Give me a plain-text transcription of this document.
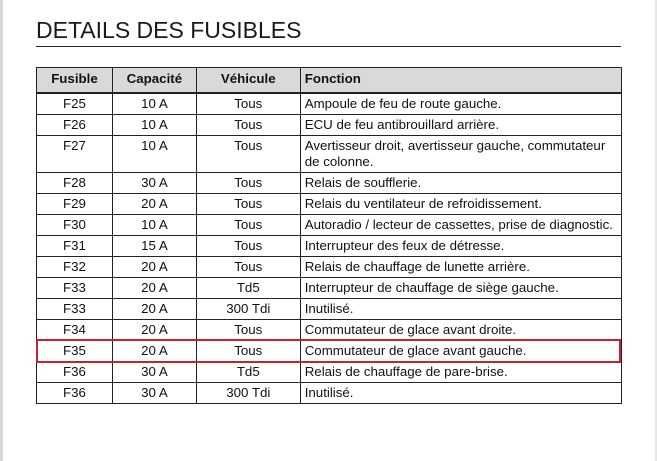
DETAILS DES FUSIBLES
Fusible	Capacité	Véhicule	Fonction
F25	10 A	Tous	Ampoule de feu de route gauche.
F26	10 A	Tous	ECU de feu antibrouillard arrière.
F27	10 A	Tous	Avertisseur droit, avertisseur gauche, commutateur de colonne.
F28	30 A	Tous	Relais de soufflerie.
F29	20 A	Tous	Relais du ventilateur de refroidissement.
F30	10 A	Tous	Autoradio / lecteur de cassettes, prise de diagnostic.
F31	15 A	Tous	Interrupteur des feux de détresse.
F32	20 A	Tous	Relais de chauffage de lunette arrière.
F33	20 A	Td5	Interrupteur de chauffage de siège gauche.
F33	20 A	300 Tdi	Inutilisé.
F34	20 A	Tous	Commutateur de glace avant droite.
F35	20 A	Tous	Commutateur de glace avant gauche.
F36	30 A	Td5	Relais de chauffage de pare-brise.
F36	30 A	300 Tdi	Inutilisé.
